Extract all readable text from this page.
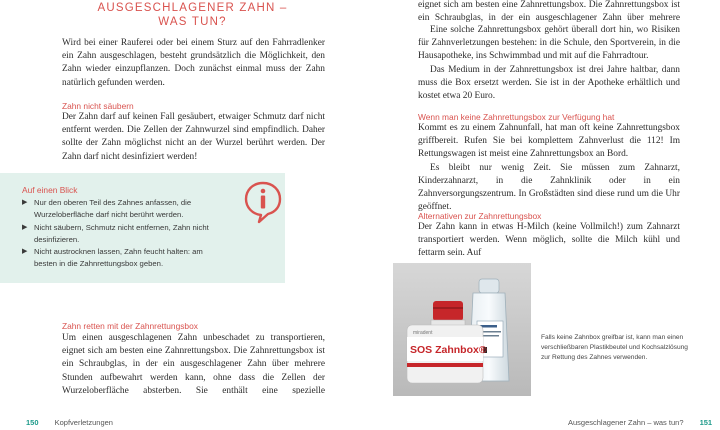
AUSGESCHLAGENER ZAHN –
WAS TUN?

Wird bei einer Rauferei oder bei einem Sturz auf den Fahrradlenker ein Zahn ausgeschlagen, besteht grundsätzlich die Möglichkeit, den Zahn wieder einzupflanzen. Doch zunächst einmal muss der Zahn natürlich gefunden werden.

Zahn nicht säubern

Der Zahn darf auf keinen Fall gesäubert, etwaiger Schmutz darf nicht entfernt werden. Die Zellen der Zahnwurzel sind empfindlich. Daher sollte der Zahn möglichst nicht an der Wurzel berührt werden. Der Zahn darf nicht desinfiziert werden!

Auf einen Blick
▶ Nur den oberen Teil des Zahnes anfassen, die Wurzeloberfläche darf nicht berührt werden.
▶ Nicht säubern, Schmutz nicht entfernen, Zahn nicht desinfizieren.
▶ Nicht austrocknen lassen, Zahn feucht halten: am besten in die Zahnrettungsbox geben.
Zahn retten mit der Zahnrettungsbox

Um einen ausgeschlagenen Zahn unbeschadet zu transportieren, eignet sich am besten eine Zahnrettungsbox. Die Zahnrettungsbox ist ein Schraubglas, in der ein ausgeschlagener Zahn über mehrere Stunden aufbewahrt werden kann, ohne dass die Zellen der Wurzeloberfläche absterben. Sie enthält eine spezielle

150 Kopfverletzungen

eignet sich am besten eine Zahnrettungsbox. Die Zahnrettungsbox ist ein Schraubglas, in der ein ausgeschlagener Zahn über mehrere

Eine solche Zahnrettungsbox gehört überall dort hin, wo Risiken für Zahnverletzungen bestehen: in die Schule, den Sportverein, in die Hausapotheke, ins Schwimmbad und mit auf die Fahrradtour.

Das Medium in der Zahnrettungsbox ist drei Jahre haltbar, dann muss die Box ersetzt werden. Sie ist in der Apotheke erhältlich und kostet etwa 20 Euro.

Wenn man keine Zahnrettungsbox zur Verfügung hat

Kommt es zu einem Zahnunfall, hat man oft keine Zahnrettungsbox griffbereit. Rufen Sie bei komplettem Zahnverlust die 112! Im Rettungswagen ist meist eine Zahnrettungsbox an Bord.

Es bleibt nur wenig Zeit. Sie müssen zum Zahnarzt, Kinderzahnarzt, in die Zahnklinik oder in ein Zahnversorgungszentrum. In Großstädten sind diese rund um die Uhr geöffnet.

Alternativen zur Zahnrettungsbox

Der Zahn kann in etwas H-Milch (keine Vollmilch!) zum Zahnarzt transportiert werden. Wenn möglich, sollte die Milch kühl und fettarm sein. Auf

miradent
SOS Zahnbox®
Falls keine Zahnbox greifbar ist, kann man einen verschließbaren Plastikbeutel und Kochsalzlösung zur Rettung des Zahnes verwenden.
Ausgeschlagener Zahn – was tun? 151
